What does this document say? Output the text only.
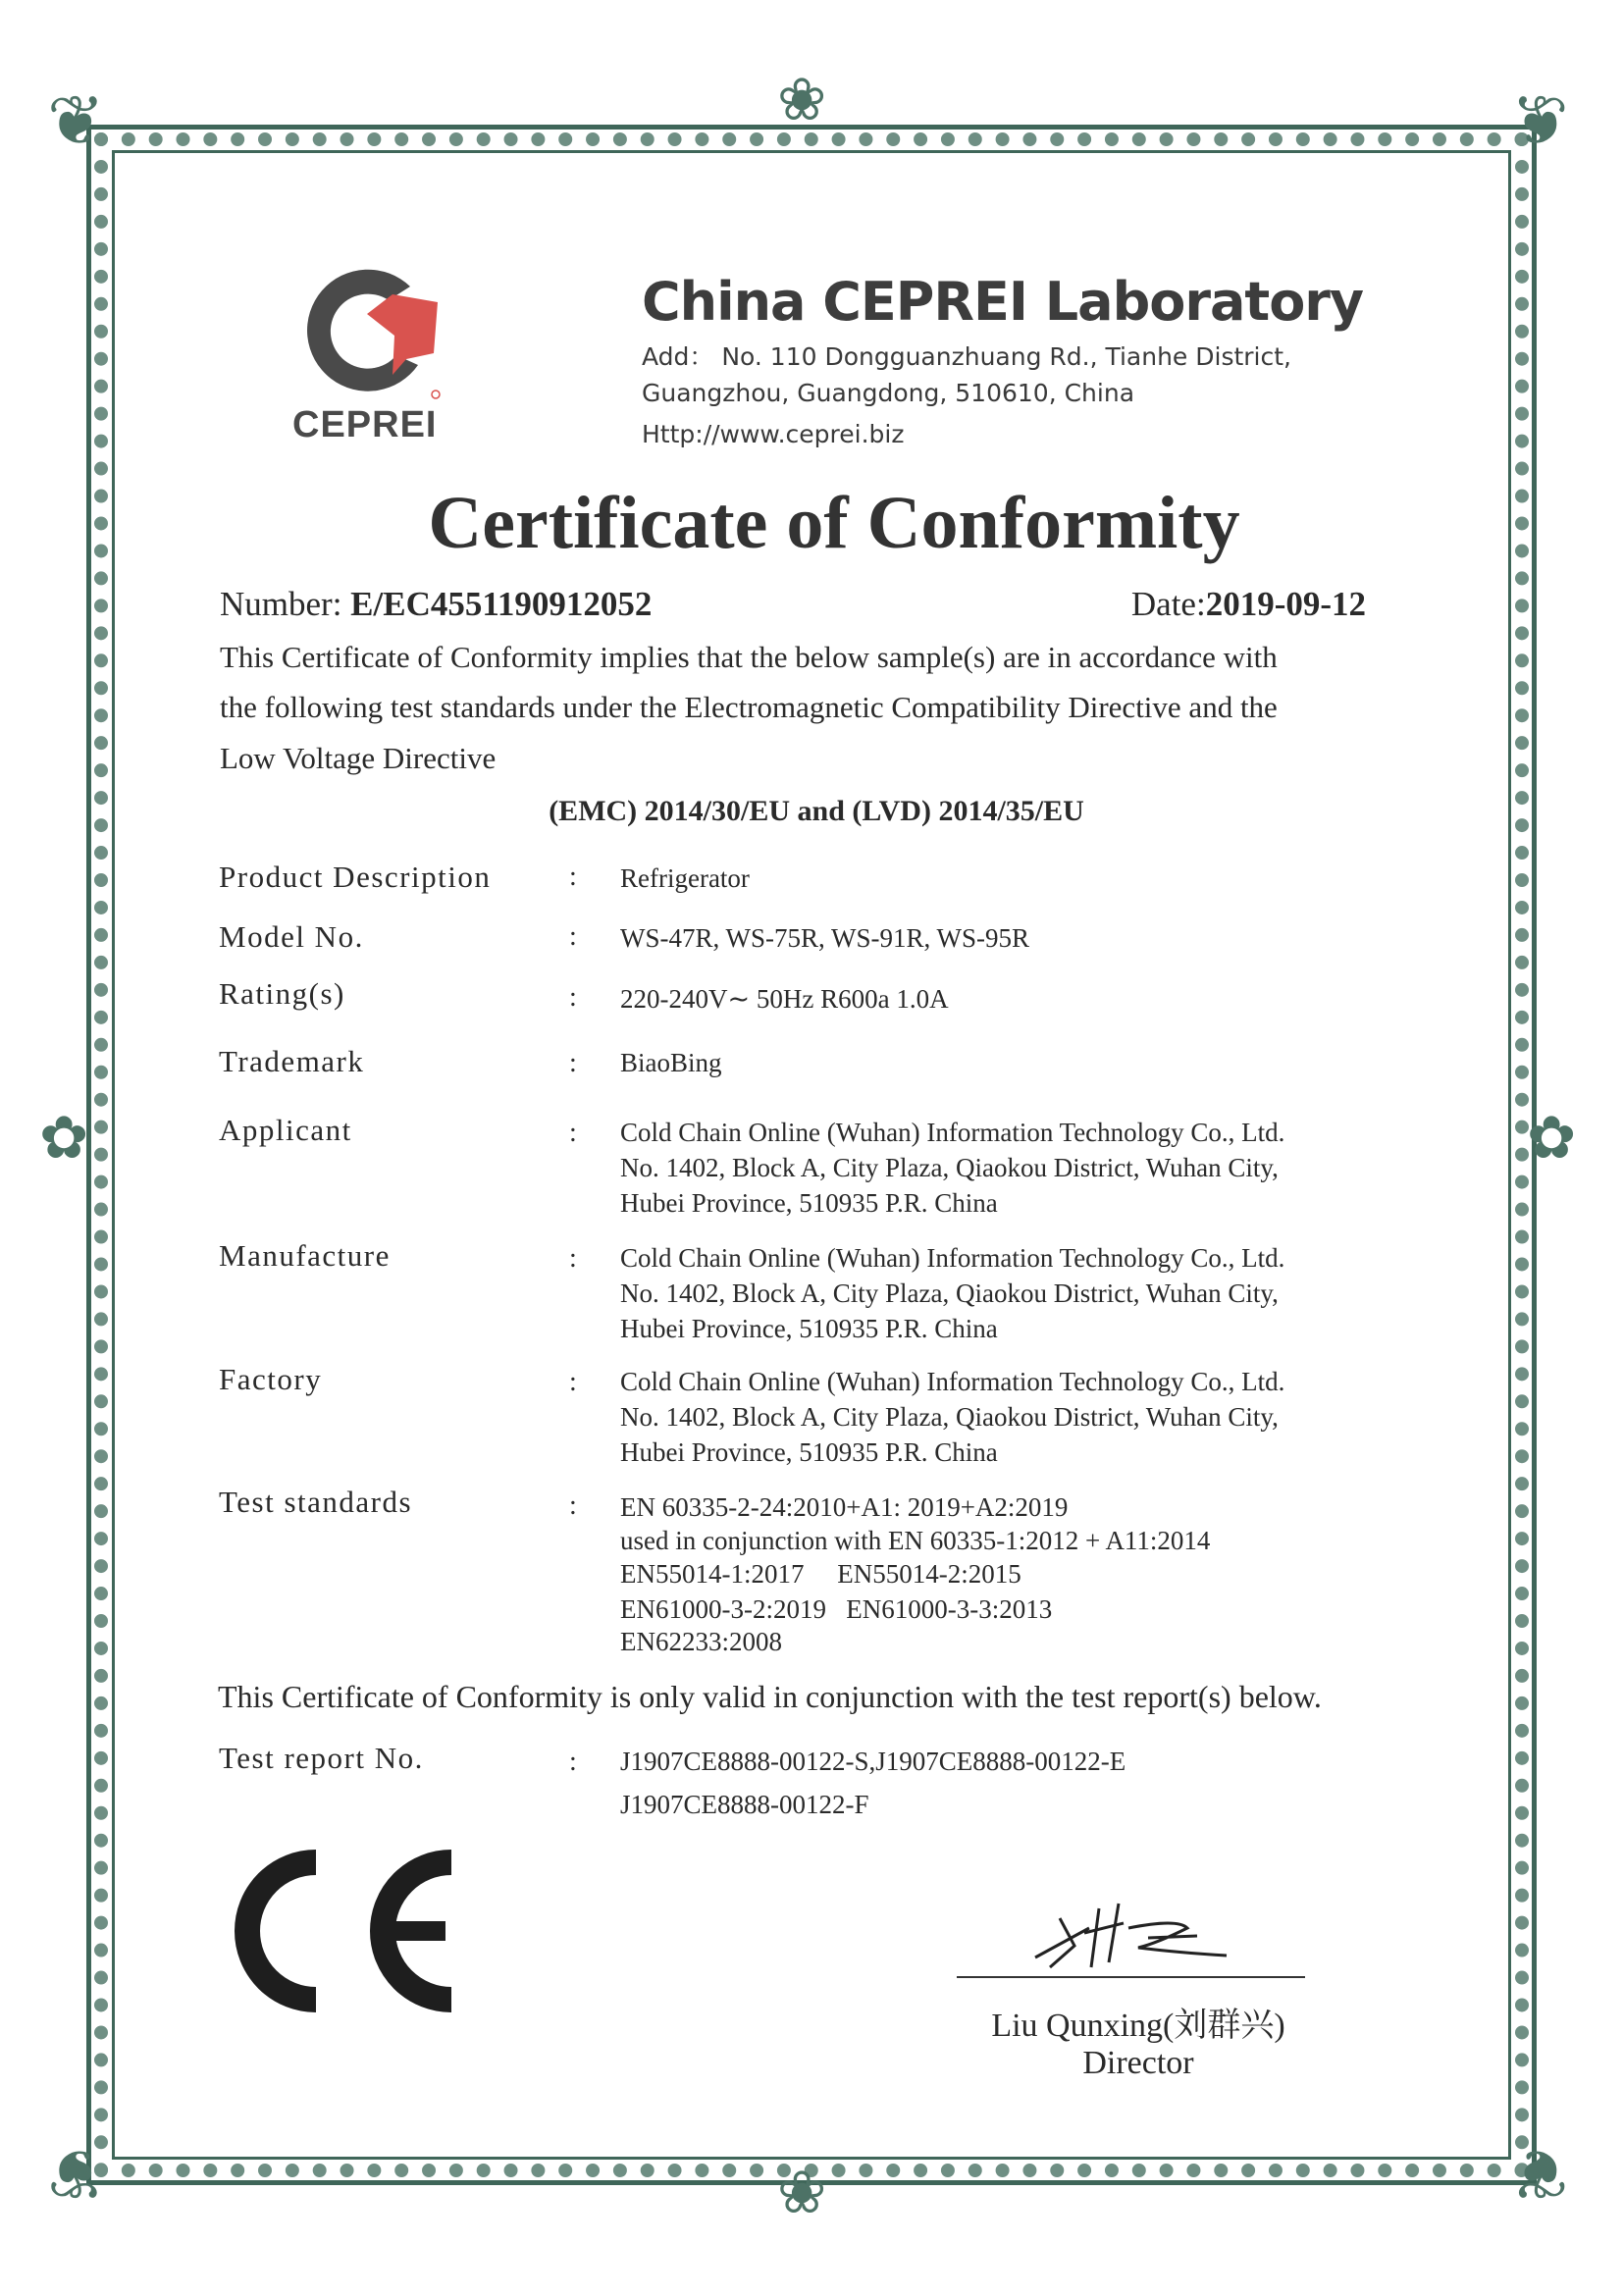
❦	❦
❦	❦
❀
❀
✿	✿
CEPREI
China CEPREI Laboratory
Add： No. 110 Dongguanzhuang Rd., Tianhe District,
Guangzhou, Guangdong, 510610, China
Http://www.ceprei.biz
Certificate of Conformity
Number: E/EC4551190912052	Date:2019-09-12
This Certificate of Conformity implies that the below sample(s) are in accordance with
the following test standards under the Electromagnetic Compatibility Directive and the
Low Voltage Directive
(EMC) 2014/30/EU and (LVD) 2014/35/EU
Product Description	: Refrigerator
Model No.	: WS-47R, WS-75R, WS-91R, WS-95R
Rating(s)	: 220-240V∼ 50Hz R600a 1.0A
Trademark	: BiaoBing
Applicant	: Cold Chain Online (Wuhan) Information Technology Co., Ltd.
No. 1402, Block A, City Plaza, Qiaokou District, Wuhan City,
Hubei Province, 510935 P.R. China
Manufacture	: Cold Chain Online (Wuhan) Information Technology Co., Ltd.
No. 1402, Block A, City Plaza, Qiaokou District, Wuhan City,
Hubei Province, 510935 P.R. China
Factory	: Cold Chain Online (Wuhan) Information Technology Co., Ltd.
No. 1402, Block A, City Plaza, Qiaokou District, Wuhan City,
Hubei Province, 510935 P.R. China
Test standards	: EN 60335-2-24:2010+A1: 2019+A2:2019
used in conjunction with EN 60335-1:2012 + A11:2014
EN55014-1:2017     EN55014-2:2015
EN61000-3-2:2019   EN61000-3-3:2013
EN62233:2008
This Certificate of Conformity is only valid in conjunction with the test report(s) below.
Test report No.	: J1907CE8888-00122-S,J1907CE8888-00122-E
J1907CE8888-00122-F
Liu Qunxing(刘群兴)
Director
